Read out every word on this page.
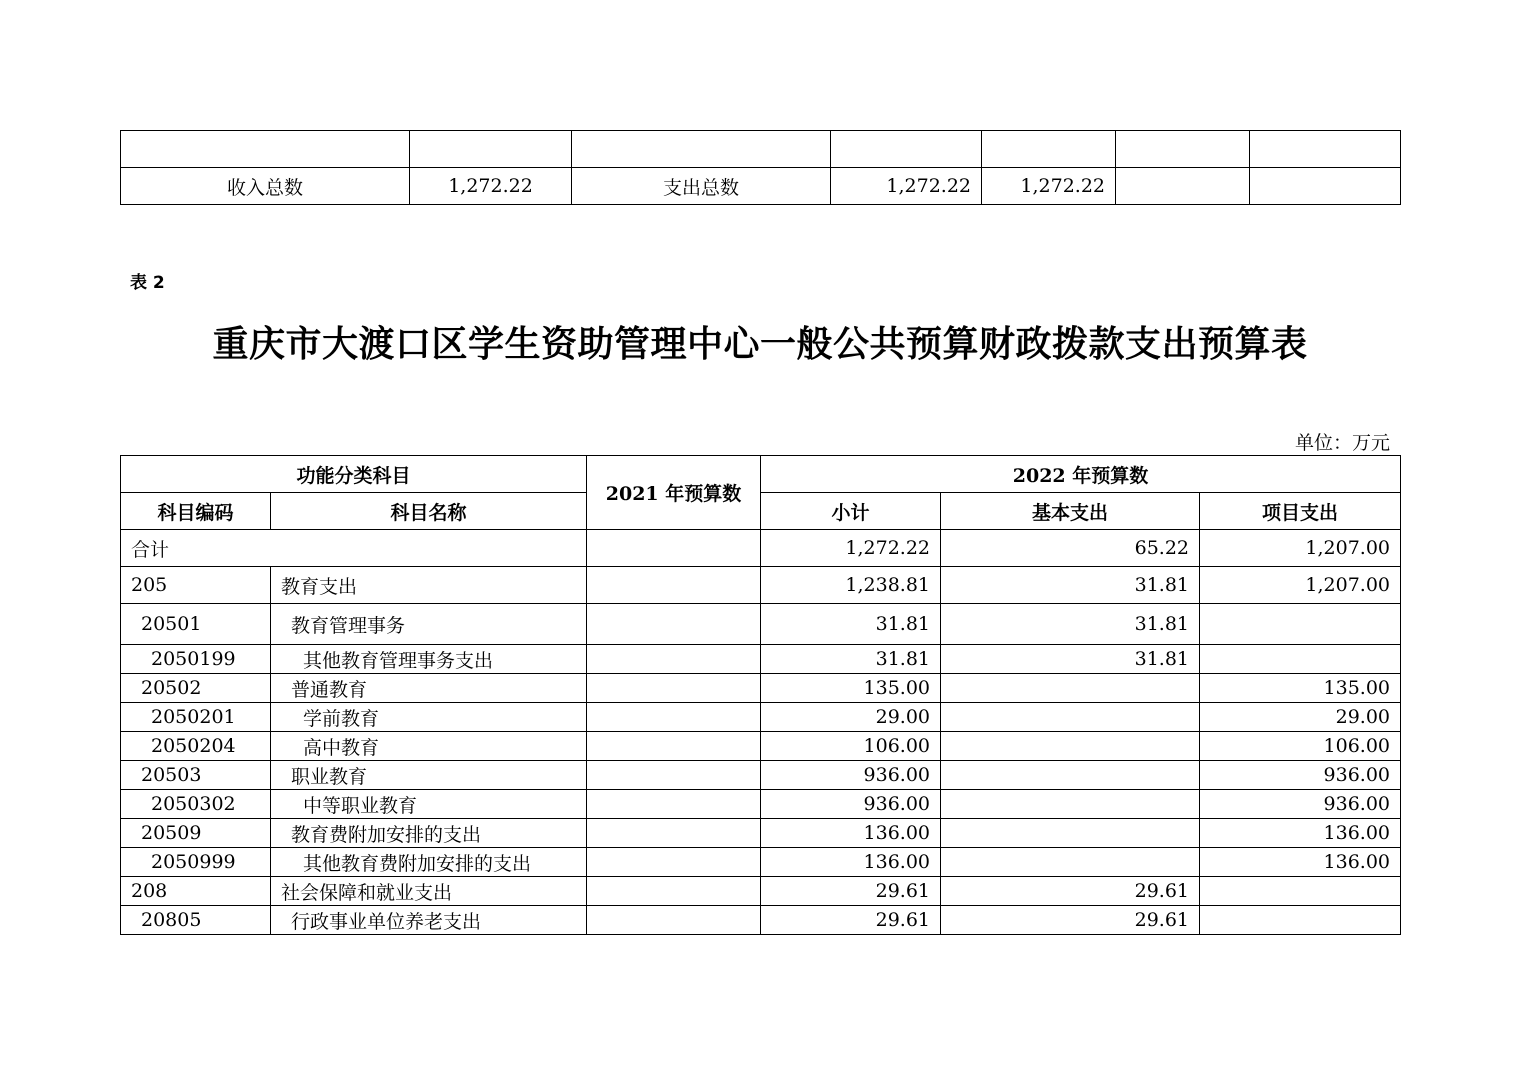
收入总数	1,272.22	支出总数	1,272.22	1,272.22		
表 2
重庆市大渡口区学生资助管理中心一般公共预算财政拨款支出预算表
单位：万元
功能分类科目		2021 年预算数	2022 年预算数		
科目编码	科目名称		小计	基本支出	项目支出
合计			1,272.22	65.22	1,207.00
205	教育支出		1,238.81	31.81	1,207.00
20501	教育管理事务		31.81	31.81	
2050199	其他教育管理事务支出		31.81	31.81	
20502	普通教育		135.00		135.00
2050201	学前教育		29.00		29.00
2050204	高中教育		106.00		106.00
20503	职业教育		936.00		936.00
2050302	中等职业教育		936.00		936.00
20509	教育费附加安排的支出		136.00		136.00
2050999	其他教育费附加安排的支出		136.00		136.00
208	社会保障和就业支出		29.61	29.61	
20805	行政事业单位养老支出		29.61	29.61	
